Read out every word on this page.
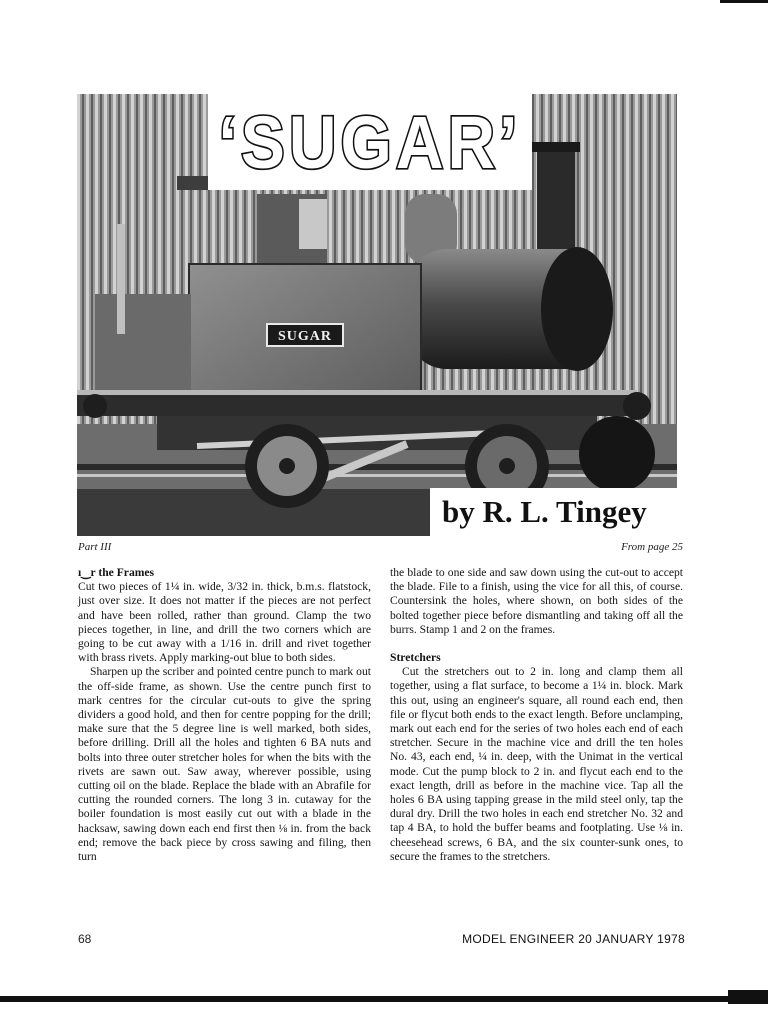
SUGAR
‘SUGAR’
by R. L. Tingey
Part III	From page 25
ı‿r the Frames

Cut two pieces of 1¼ in. wide, 3/32 in. thick, b.m.s. flatstock, just over size. It does not matter if the pieces are not perfect and have been rolled, rather than ground. Clamp the two pieces together, in line, and drill the two corners which are going to be cut away with a 1/16 in. drill and rivet together with brass rivets. Apply marking-out blue to both sides.

Sharpen up the scriber and pointed centre punch to mark out the off-side frame, as shown. Use the centre punch first to mark centres for the circular cut-outs to give the spring dividers a good hold, and then for centre popping for the drill; make sure that the 5 degree line is well marked, both sides, before drilling. Drill all the holes and tighten 6 BA nuts and bolts into three outer stretcher holes for when the bits with the rivets are sawn out. Saw away, wherever possible, using cutting oil on the blade. Replace the blade with an Abrafile for cutting the rounded corners. The long 3 in. cutaway for the boiler foundation is most easily cut out with a blade in the hacksaw, sawing down each end first then ⅛ in. from the back end; remove the back piece by cross sawing and filing, then turn

the blade to one side and saw down using the cut-out to accept the blade. File to a finish, using the vice for all this, of course. Countersink the holes, where shown, on both sides of the bolted together piece before dismantling and taking off all the burrs. Stamp 1 and 2 on the frames.

Stretchers

Cut the stretchers out to 2 in. long and clamp them all together, using a flat surface, to become a 1¼ in. block. Mark this out, using an engineer's square, all round each end, then file or flycut both ends to the exact length. Before unclamping, mark out each end for the series of two holes each end of each stretcher. Secure in the machine vice and drill the ten holes No. 43, each end, ¼ in. deep, with the Unimat in the vertical mode. Cut the pump block to 2 in. and flycut each end to the exact length, drill as before in the machine vice. Tap all the holes 6 BA using tapping grease in the mild steel only, tap the dural dry. Drill the two holes in each end stretcher No. 32 and tap 4 BA, to hold the buffer beams and footplating. Use ⅛ in. cheesehead screws, 6 BA, and the six counter-sunk ones, to secure the frames to the stretchers.

68	MODEL ENGINEER 20 JANUARY 1978
